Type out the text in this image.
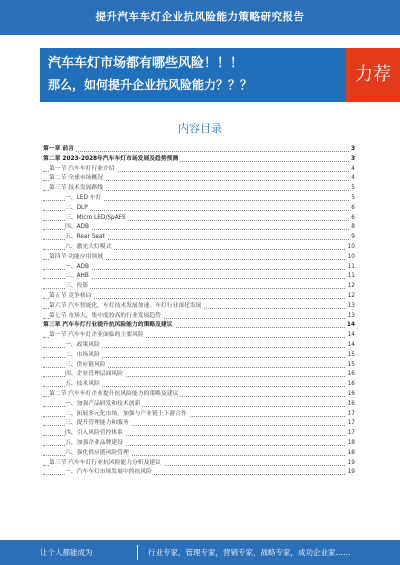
提升汽车车灯企业抗风险能力策略研究报告
汽车车灯市场都有哪些风险！！！
那么，如何提升企业抗风险能力？？？	力荐
内容目录
第一章 前言	3
第二章 2023-2028年汽车车灯市场发展及趋势预测	3
第一节 汽车车灯行业介绍	4
第二节 全球市场概况	4
第三节 技术发展路线	5
一、LED 车灯	5
二、DLP	6
三、Micro LED/SpAFS	6
四、ADB	8
五、Rear Seat	9
六、激光大灯模式	10
第四节 功能应用领域	10
一、ADB	11
二、AHB	11
三、投影	12
第五节 竞争格局	12
第六节 汽车智能化、车灯技术发展加速、车灯行业深化发展	13
第七节 市场大、集中度较高的行业发展趋势	13
第三章 汽车车灯行业提升抗风险能力的策略及建议	14
第一节 汽车车灯企业面临的主要风险	14
一、政策风险	14
二、市场风险	15
三、供应链风险	15
四、企业管理层面风险	16
五、技术风险	16
第二节 汽车车灯企业提升抗风险能力的策略及建议	16
一、加强产品研发和技术创新	16
二、拓展多元化市场，加强与产业链上下游合作	17
三、提升管理能力和服务	17
四、引入风险管控体系	17
五、加强企业品牌建设	18
六、强化供应链风险管理	18
第三节 汽车车灯行业抗风险能力分析及建议	19
一、汽车车灯市场发展中的抗风险	19
让个人都能成为	行业专家，管理专家，营销专家，战略专家，成功企业家……
